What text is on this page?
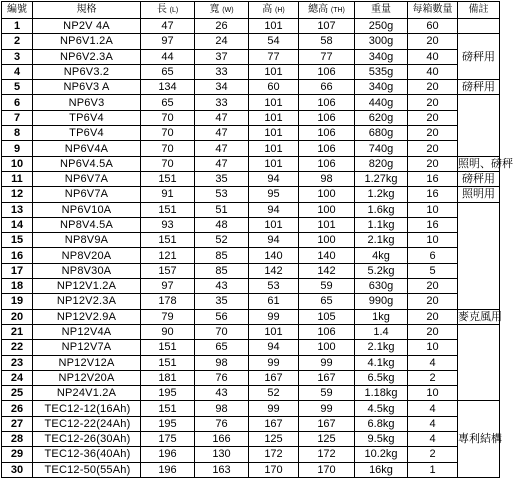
編號	規格	長 (L)	寬 (W)	高 (H)	總高 (TH)	重量	每箱數量	備註
1	NP2V 4A	47	26	101	107	250g	60	
2	NP6V1.2A	97	24	54	58	300g	20	磅秤用
3	NP6V2.3A	44	37	77	77	340g	40	
4	NP6V3.2	65	33	101	106	535g	40	
5	NP6V3 A	134	34	60	66	340g	20	磅秤用
6	NP6V3	65	33	101	106	440g	20	
7	TP6V4	70	47	101	106	620g	20	
8	TP6V4	70	47	101	106	680g	20	
9	NP6V4A	70	47	101	106	740g	20	
10	NP6V4.5A	70	47	101	106	820g	20	照明、磅秤
11	NP6V7A	151	35	94	98	1.27kg	16	磅秤用
12	NP6V7A	91	53	95	100	1.2kg	16	照明用
13	NP6V10A	151	51	94	100	1.6kg	10	
14	NP8V4.5A	93	48	101	101	1.1kg	16	
15	NP8V9A	151	52	94	100	2.1kg	10	
16	NP8V20A	121	85	140	140	4kg	6	
17	NP8V30A	157	85	142	142	5.2kg	5	
18	NP12V1.2A	97	43	53	59	630g	20	
19	NP12V2.3A	178	35	61	65	990g	20	
20	NP12V2.9A	79	56	99	105	1kg	20	麥克風用
21	NP12V4A	90	70	101	106	1.4	20	
22	NP12V7A	151	65	94	100	2.1kg	10	
23	NP12V12A	151	98	99	99	4.1kg	4	
24	NP12V20A	181	76	167	167	6.5kg	2	
25	NP24V1.2A	195	43	52	59	1.18kg	10	
26	TEC12-12(16Ah)	151	98	99	99	4.5kg	4	專利結構
27	TEC12-22(24Ah)	195	76	167	167	6.8kg	4	
28	TEC12-26(30Ah)	175	166	125	125	9.5kg	4	
29	TEC12-36(40Ah)	196	130	172	172	10.2kg	2	
30	TEC12-50(55Ah)	196	163	170	170	16kg	1	
